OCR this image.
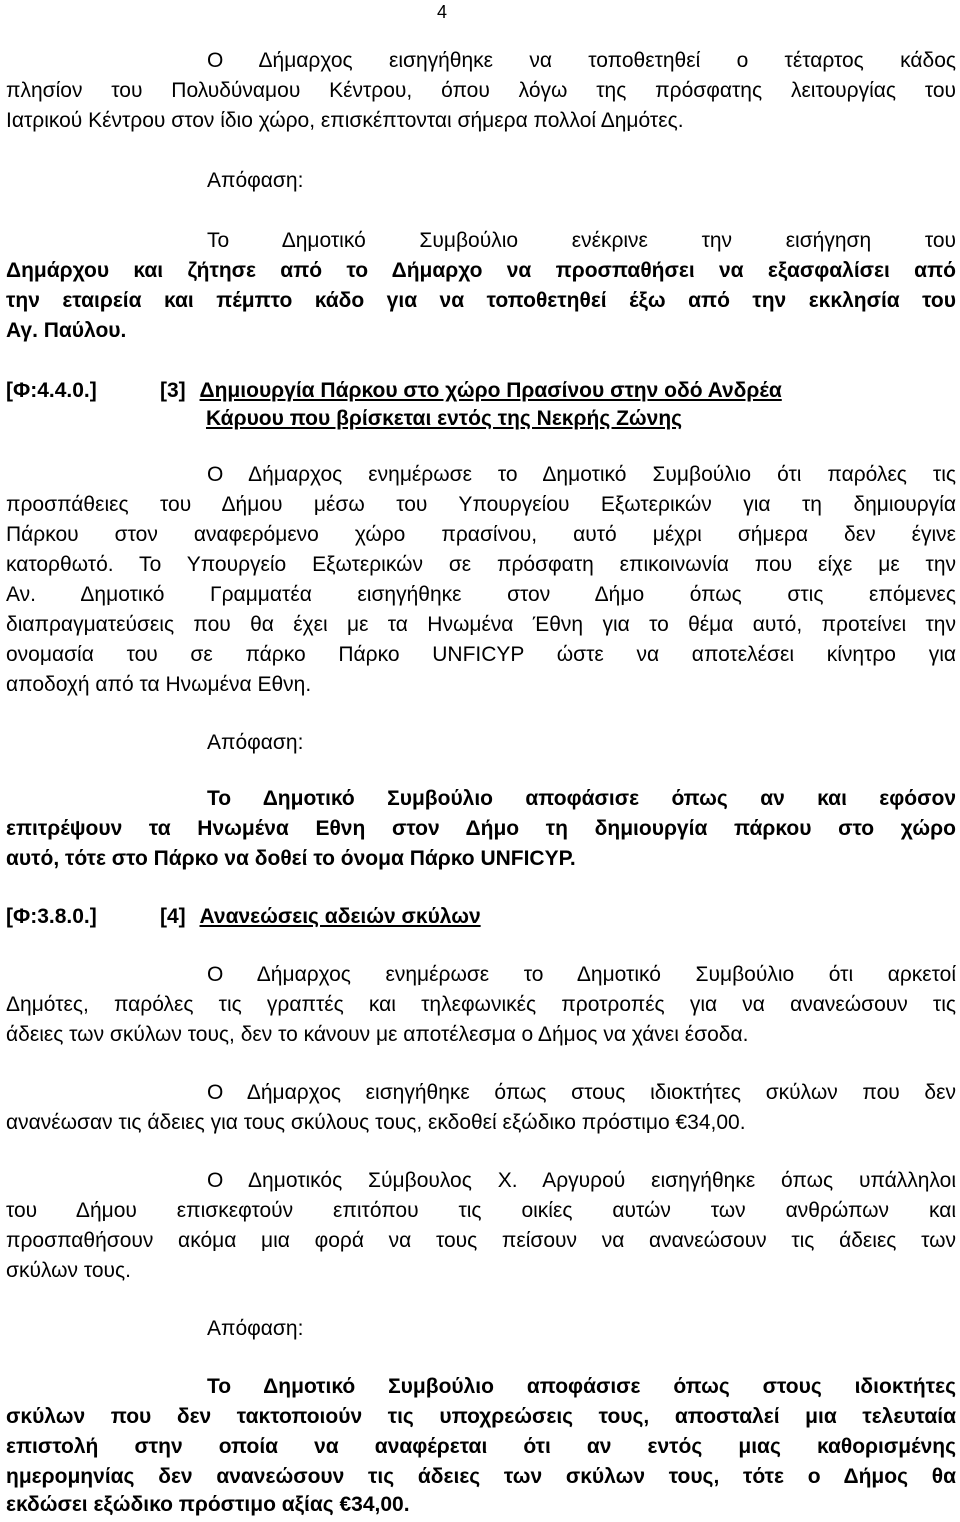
4
Ο Δήμαρχος εισηγήθηκε να τοποθετηθεί ο τέταρτος κάδος
πλησίον του Πολυδύναμου Κέντρου, όπου λόγω της πρόσφατης λειτουργίας του
Ιατρικού Κέντρου στον ίδιο χώρο, επισκέπτονται σήμερα πολλοί Δημότες.
Απόφαση:
Το Δημοτικό Συμβούλιο ενέκρινε την εισήγηση του
Δημάρχου και ζήτησε από το Δήμαρχο να προσπαθήσει να εξασφαλίσει από
την εταιρεία και πέμπτο κάδο για να τοποθετηθεί έξω από την εκκλησία του
Αγ. Παύλου.
[Φ:4.4.0.]	[3] Δημιουργία Πάρκου στο χώρο Πρασίνου στην οδό Ανδρέα
Κάρυου που βρίσκεται εντός της Νεκρής Ζώνης
Ο Δήμαρχος ενημέρωσε το Δημοτικό Συμβούλιο ότι παρόλες τις
προσπάθειες του Δήμου μέσω του Υπουργείου Εξωτερικών για τη δημιουργία
Πάρκου στον αναφερόμενο χώρο πρασίνου, αυτό μέχρι σήμερα δεν έγινε
κατορθωτό. Το Υπουργείο Εξωτερικών σε πρόσφατη επικοινωνία που είχε με την
Αν. Δημοτικό Γραμματέα εισηγήθηκε στον Δήμο όπως στις επόμενες
διαπραγματεύσεις που θα έχει με τα Ηνωμένα Έθνη για το θέμα αυτό, προτείνει την
ονομασία του σε πάρκο Πάρκο UNFICYP ώστε να αποτελέσει κίνητρο για
αποδοχή από τα Ηνωμένα Εθνη.
Απόφαση:
Το Δημοτικό Συμβούλιο αποφάσισε όπως αν και εφόσον
επιτρέψουν τα Ηνωμένα Εθνη στον Δήμο τη δημιουργία πάρκου στο χώρο
αυτό, τότε στο Πάρκο να δοθεί το όνομα Πάρκο UNFICYP.
[Φ:3.8.0.]	[4] Ανανεώσεις αδειών σκύλων
Ο Δήμαρχος ενημέρωσε το Δημοτικό Συμβούλιο ότι αρκετοί
Δημότες, παρόλες τις γραπτές και τηλεφωνικές προτροπές για να ανανεώσουν τις
άδειες των σκύλων τους, δεν το κάνουν με αποτέλεσμα ο Δήμος να χάνει έσοδα.
Ο Δήμαρχος εισηγήθηκε όπως στους ιδιοκτήτες σκύλων που δεν
ανανέωσαν τις άδειες για τους σκύλους τους, εκδοθεί εξώδικο πρόστιμο €34,00.
Ο Δημοτικός Σύμβουλος Χ. Αργυρού εισηγήθηκε όπως υπάλληλοι
του Δήμου επισκεφτούν επιτόπου τις οικίες αυτών των ανθρώπων και
προσπαθήσουν ακόμα μια φορά να τους πείσουν να ανανεώσουν τις άδειες των
σκύλων τους.
Απόφαση:
Το Δημοτικό Συμβούλιο αποφάσισε όπως στους ιδιοκτήτες
σκύλων που δεν τακτοποιούν τις υποχρεώσεις τους, αποσταλεί μια τελευταία
επιστολή στην οποία να αναφέρεται ότι αν εντός μιας καθορισμένης
ημερομηνίας δεν ανανεώσουν τις άδειες των σκύλων τους, τότε ο Δήμος θα
εκδώσει εξώδικο πρόστιμο αξίας €34,00.
